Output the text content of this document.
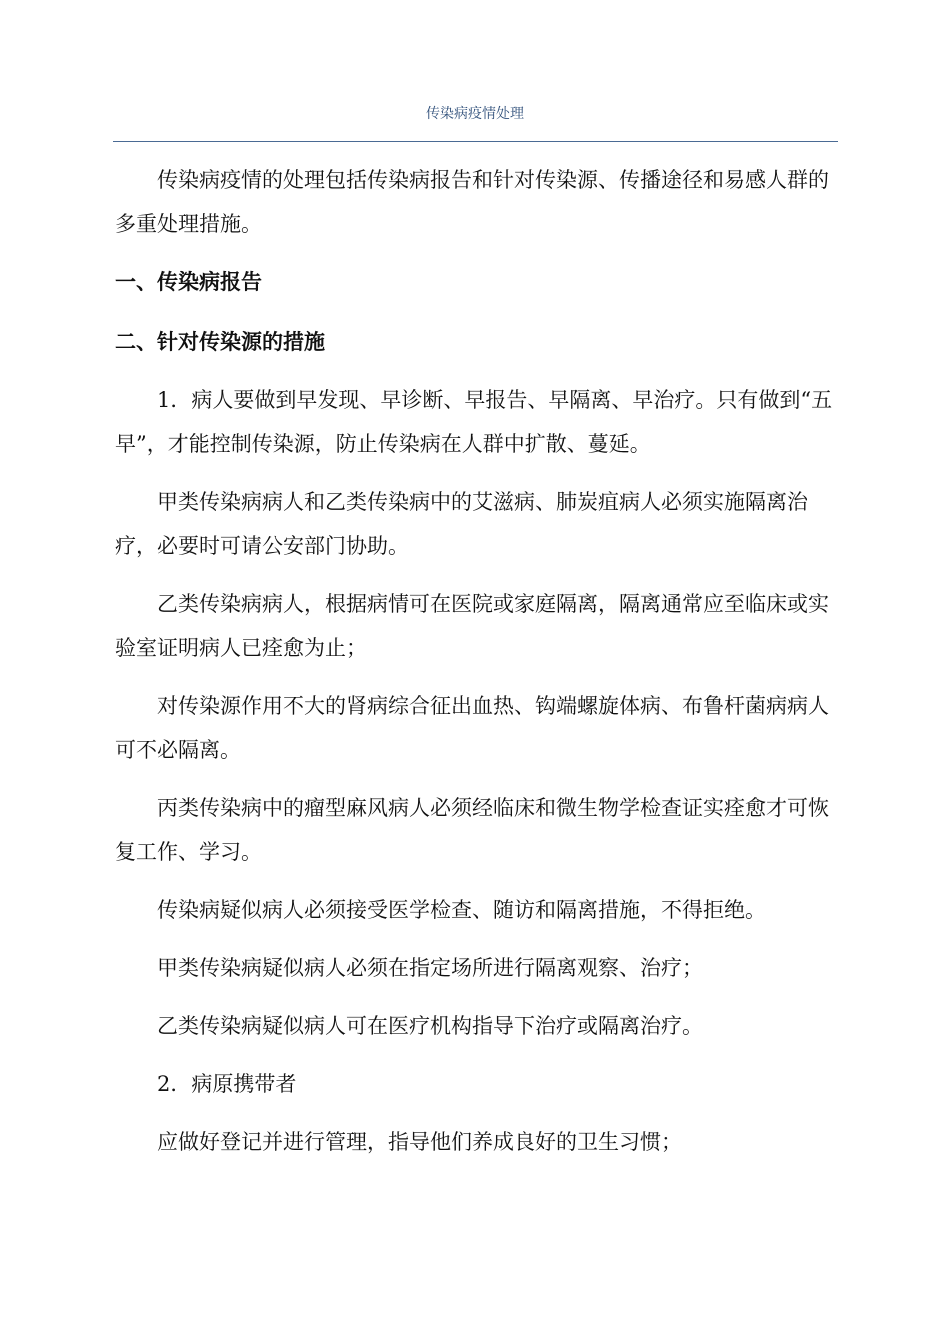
传染病疫情处理

传染病疫情的处理包括传染病报告和针对传染源、传播途径和易感人群的多重处理措施。

一、传染病报告

二、针对传染源的措施

1．病人要做到早发现、早诊断、早报告、早隔离、早治疗。只有做到“五早”，才能控制传染源，防止传染病在人群中扩散、蔓延。

甲类传染病病人和乙类传染病中的艾滋病、肺炭疽病人必须实施隔离治疗，必要时可请公安部门协助。

乙类传染病病人，根据病情可在医院或家庭隔离，隔离通常应至临床或实验室证明病人已痊愈为止；

对传染源作用不大的肾病综合征出血热、钩端螺旋体病、布鲁杆菌病病人可不必隔离。

丙类传染病中的瘤型麻风病人必须经临床和微生物学检查证实痊愈才可恢复工作、学习。

传染病疑似病人必须接受医学检查、随访和隔离措施，不得拒绝。

甲类传染病疑似病人必须在指定场所进行隔离观察、治疗；

乙类传染病疑似病人可在医疗机构指导下治疗或隔离治疗。

2．病原携带者

应做好登记并进行管理，指导他们养成良好的卫生习惯；
